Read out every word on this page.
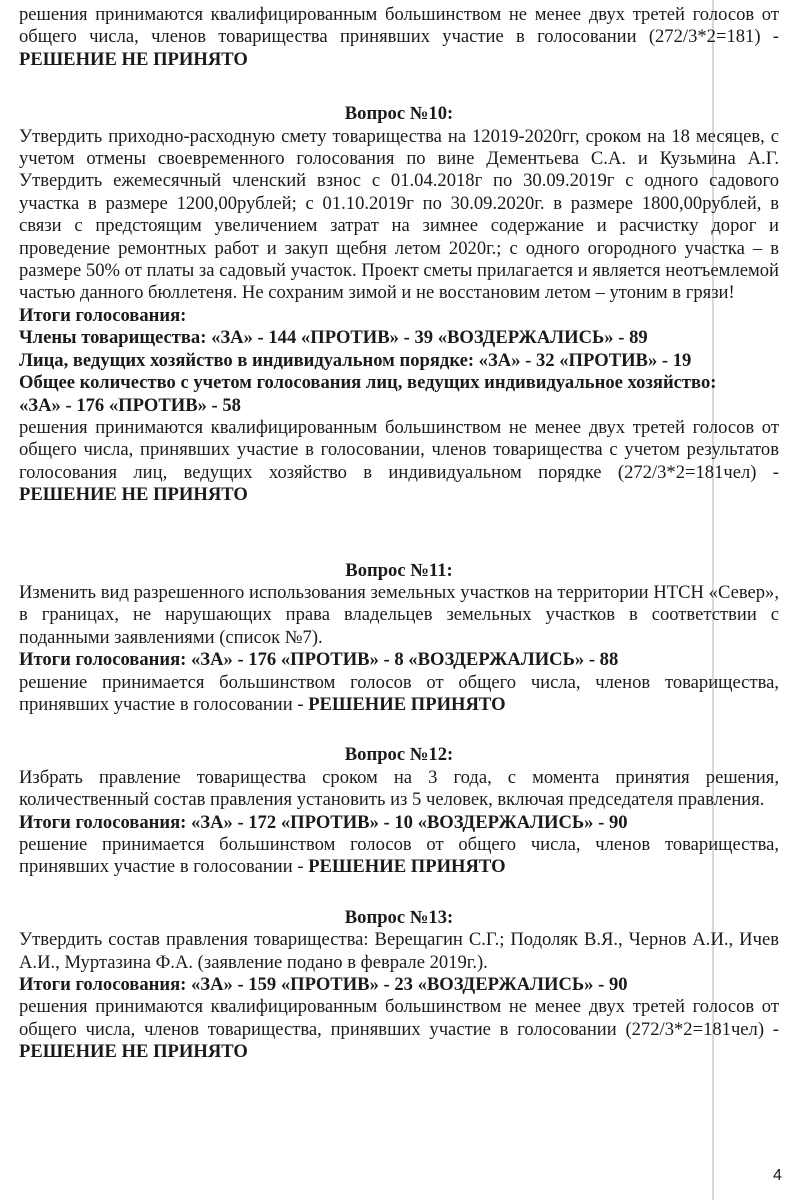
решения принимаются квалифицированным большинством не менее двух третей голосов от общего числа, членов товарищества принявших участие в голосовании (272/3*2=181) - РЕШЕНИЕ НЕ ПРИНЯТО

Вопрос №10:

Утвердить приходно-расходную смету товарищества на 12019-2020гг, сроком на 18 месяцев, с учетом отмены своевременного голосования по вине Дементьева С.А. и Кузьмина А.Г. Утвердить ежемесячный членский взнос с 01.04.2018г по 30.09.2019г с одного садового участка в размере 1200,00рублей; с 01.10.2019г по 30.09.2020г. в размере 1800,00рублей, в связи с предстоящим увеличением затрат на зимнее содержание и расчистку дорог и проведение ремонтных работ и закуп щебня летом 2020г.; с одного огородного участка – в размере 50% от платы за садовый участок. Проект сметы прилагается и является неотъемлемой частью данного бюллетеня. Не сохраним зимой и не восстановим летом – утоним в грязи!

Итоги голосования:

Члены товарищества: «ЗА» - 144 «ПРОТИВ» - 39 «ВОЗДЕРЖАЛИСЬ» - 89

Лица, ведущих хозяйство в индивидуальном порядке: «ЗА» - 32 «ПРОТИВ» - 19

Общее количество с учетом голосования лиц, ведущих индивидуальное хозяйство:

«ЗА» - 176 «ПРОТИВ» - 58

решения принимаются квалифицированным большинством не менее двух третей голосов от общего числа, принявших участие в голосовании, членов товарищества с учетом результатов голосования лиц, ведущих хозяйство в индивидуальном порядке (272/3*2=181чел) - РЕШЕНИЕ НЕ ПРИНЯТО

Вопрос №11:

Изменить вид разрешенного использования земельных участков на территории НТСН «Север», в границах, не нарушающих права владельцев земельных участков в соответствии с поданными заявлениями (список №7).

Итоги голосования: «ЗА» - 176 «ПРОТИВ» - 8 «ВОЗДЕРЖАЛИСЬ» - 88

решение принимается большинством голосов от общего числа, членов товарищества, принявших участие в голосовании - РЕШЕНИЕ ПРИНЯТО

Вопрос №12:

Избрать правление товарищества сроком на 3 года, с момента принятия решения, количественный состав правления установить из 5 человек, включая председателя правления.

Итоги голосования: «ЗА» - 172 «ПРОТИВ» - 10 «ВОЗДЕРЖАЛИСЬ» - 90

решение принимается большинством голосов от общего числа, членов товарищества, принявших участие в голосовании - РЕШЕНИЕ ПРИНЯТО

Вопрос №13:

Утвердить состав правления товарищества: Верещагин С.Г.; Подоляк В.Я., Чернов А.И., Ичев А.И., Муртазина Ф.А. (заявление подано в феврале 2019г.).

Итоги голосования: «ЗА» - 159 «ПРОТИВ» - 23 «ВОЗДЕРЖАЛИСЬ» - 90

решения принимаются квалифицированным большинством не менее двух третей голосов от общего числа, членов товарищества, принявших участие в голосовании (272/3*2=181чел) - РЕШЕНИЕ НЕ ПРИНЯТО

4
